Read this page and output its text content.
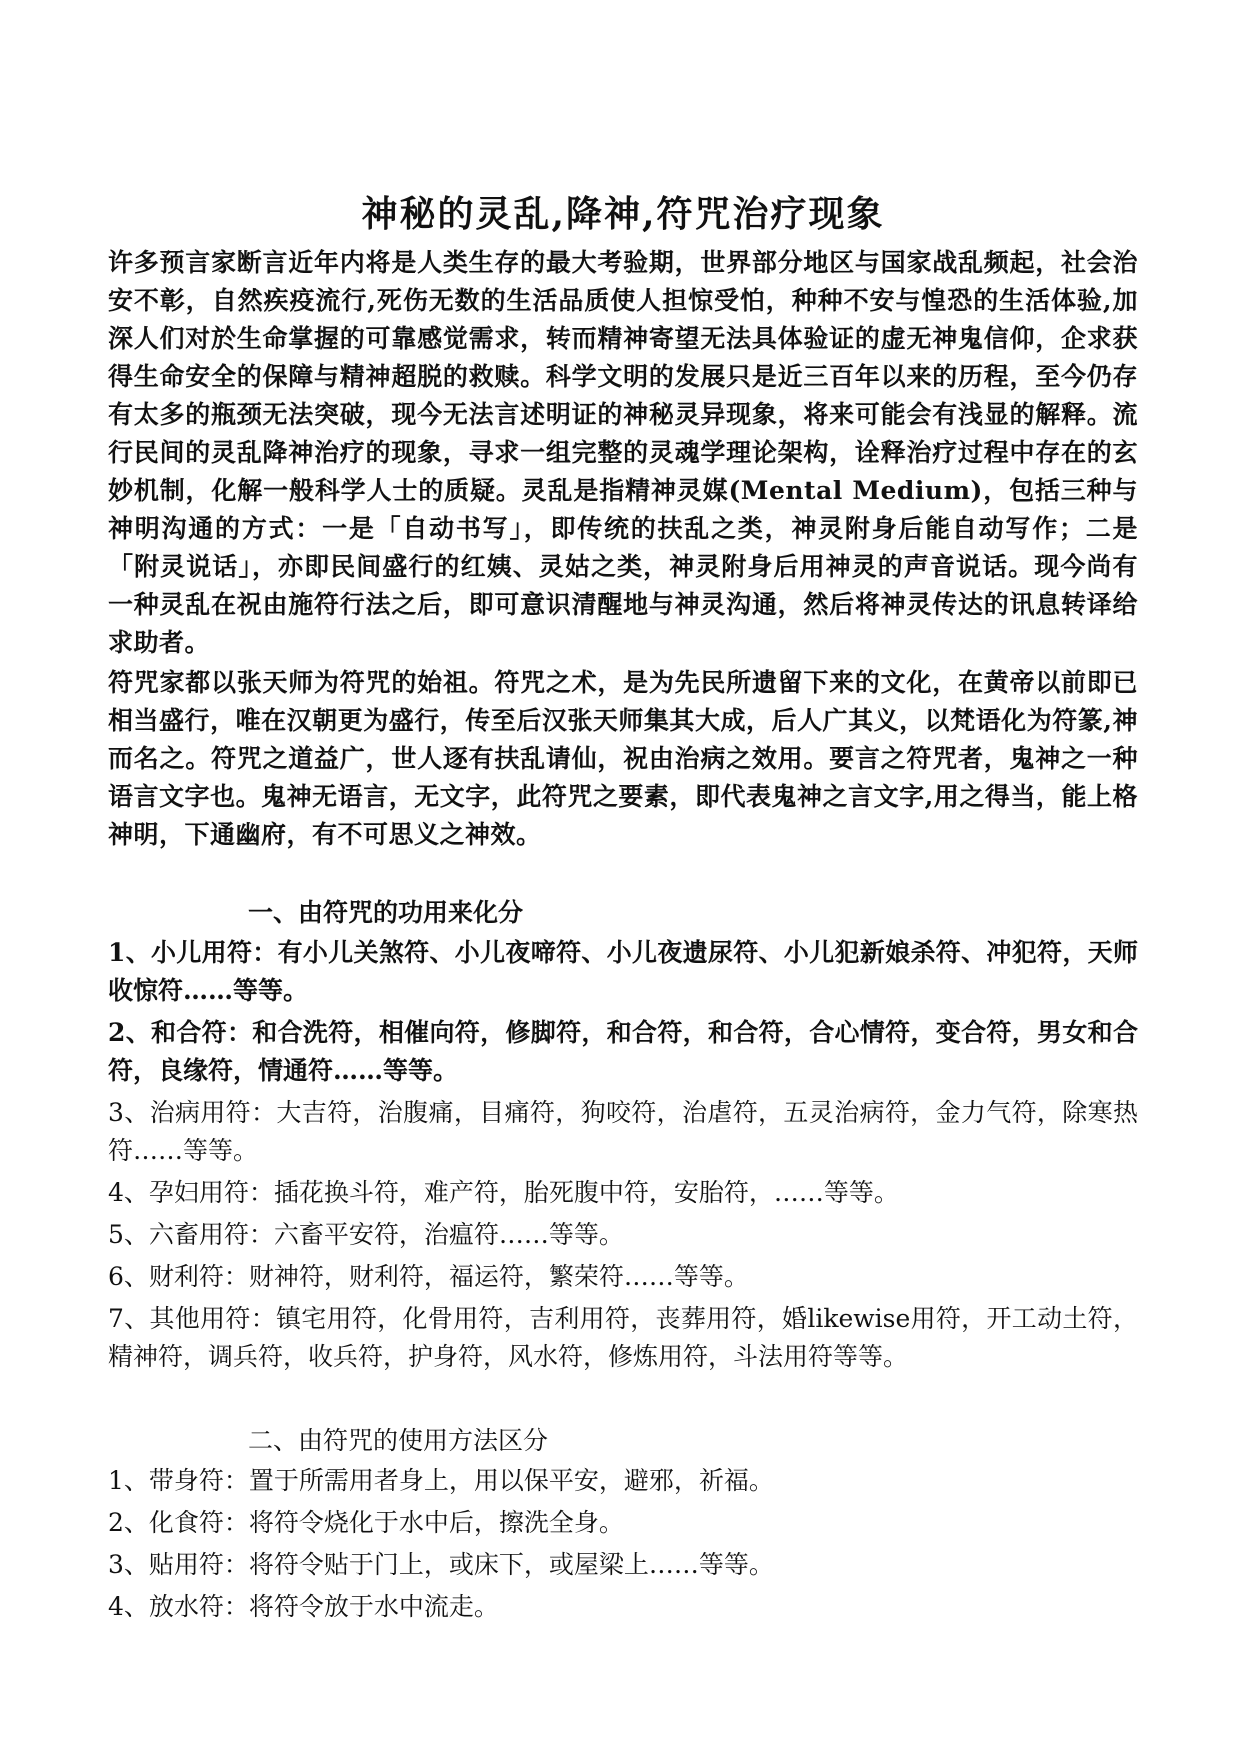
神秘的灵乱,降神,符咒治疗现象

许多预言家断言近年内将是人类生存的最大考验期，世界部分地区与国家战乱频起，社会治安不彰，自然疾疫流行,死伤无数的生活品质使人担惊受怕，种种不安与惶恐的生活体验,加深人们对於生命掌握的可靠感觉需求，转而精神寄望无法具体验证的虚无神鬼信仰，企求获得生命安全的保障与精神超脱的救赎。科学文明的发展只是近三百年以来的历程，至今仍存有太多的瓶颈无法突破，现今无法言述明证的神秘灵异现象，将来可能会有浅显的解释。流行民间的灵乱降神治疗的现象，寻求一组完整的灵魂学理论架构，诠释治疗过程中存在的玄妙机制，化解一般科学人士的质疑。灵乱是指精神灵媒(Mental Medium)，包括三种与神明沟通的方式：一是「自动书写」，即传统的扶乱之类，神灵附身后能自动写作；二是「附灵说话」，亦即民间盛行的红姨、灵姑之类，神灵附身后用神灵的声音说话。现今尚有一种灵乱在祝由施符行法之后，即可意识清醒地与神灵沟通，然后将神灵传达的讯息转译给求助者。

符咒家都以张天师为符咒的始祖。符咒之术，是为先民所遗留下来的文化，在黄帝以前即已相当盛行，唯在汉朝更为盛行，传至后汉张天师集其大成，后人广其义，以梵语化为符篆,神而名之。符咒之道益广，世人逐有扶乱请仙，祝由治病之效用。要言之符咒者，鬼神之一种语言文字也。鬼神无语言，无文字，此符咒之要素，即代表鬼神之言文字,用之得当，能上格神明，下通幽府，有不可思义之神效。

一、由符咒的功用来化分
1、小儿用符：有小儿关煞符、小儿夜啼符、小儿夜遗尿符、小儿犯新娘杀符、冲犯符，天师收惊符……等等。
2、和合符：和合洗符，相催向符，修脚符，和合符，和合符，合心情符，变合符，男女和合符，良缘符，情通符……等等。
3、治病用符：大吉符，治腹痛，目痛符，狗咬符，治虐符，五灵治病符，金力气符，除寒热符……等等。
4、孕妇用符：插花换斗符，难产符，胎死腹中符，安胎符，……等等。
5、六畜用符：六畜平安符，治瘟符……等等。
6、财利符：财神符，财利符，福运符，繁荣符……等等。
7、其他用符：镇宅用符，化骨用符，吉利用符，丧葬用符，婚likewise用符，开工动土符，精神符，调兵符，收兵符，护身符，风水符，修炼用符，斗法用符等等。
二、由符咒的使用方法区分
1、带身符：置于所需用者身上，用以保平安，避邪，祈福。
2、化食符：将符令烧化于水中后，擦洗全身。
3、贴用符：将符令贴于门上，或床下，或屋梁上……等等。
4、放水符：将符令放于水中流走。
